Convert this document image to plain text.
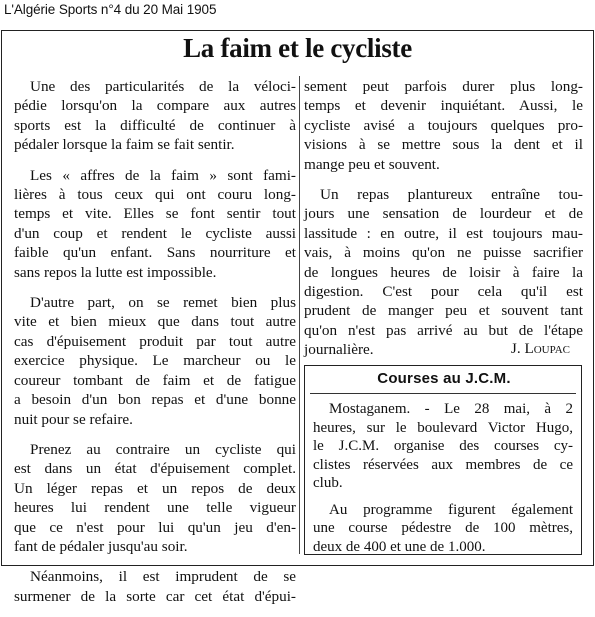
L'Algérie Sports n°4 du 20 Mai 1905
La faim et le cycliste
Une des particularités de la véloci-
pédie lorsqu'on la compare aux autres
sports est la difficulté de continuer à
pédaler lorsque la faim se fait sentir.
Les « affres de la faim » sont fami-
lières à tous ceux qui ont couru long-
temps et vite. Elles se font sentir tout
d'un coup et rendent le cycliste aussi
faible qu'un enfant. Sans nourriture et
sans repos la lutte est impossible.
D'autre part, on se remet bien plus
vite et bien mieux que dans tout autre
cas d'épuisement produit par tout autre
exercice physique. Le marcheur ou le
coureur tombant de faim et de fatigue
a besoin d'un bon repas et d'une bonne
nuit pour se refaire.
Prenez au contraire un cycliste qui
est dans un état d'épuisement complet.
Un léger repas et un repos de deux
heures lui rendent une telle vigueur
que ce n'est pour lui qu'un jeu d'en-
fant de pédaler jusqu'au soir.
Néanmoins, il est imprudent de se
surmener de la sorte car cet état d'épui-
sement peut parfois durer plus long-
temps et devenir inquiétant. Aussi, le
cycliste avisé a toujours quelques pro-
visions à se mettre sous la dent et il
mange peu et souvent.
Un repas plantureux entraîne tou-
jours une sensation de lourdeur et de
lassitude : en outre, il est toujours mau-
vais, à moins qu'on ne puisse sacrifier
de longues heures de loisir à faire la
digestion. C'est pour cela qu'il est
prudent de manger peu et souvent tant
qu'on n'est pas arrivé au but de l'étape
journalière.	J. Loupac
Courses au J.C.M.
Mostaganem. - Le 28 mai, à 2
heures, sur le boulevard Victor Hugo,
le J.C.M. organise des courses cy-
clistes réservées aux membres de ce
club.
Au programme figurent également
une course pédestre de 100 mètres,
deux de 400 et une de 1.000.
